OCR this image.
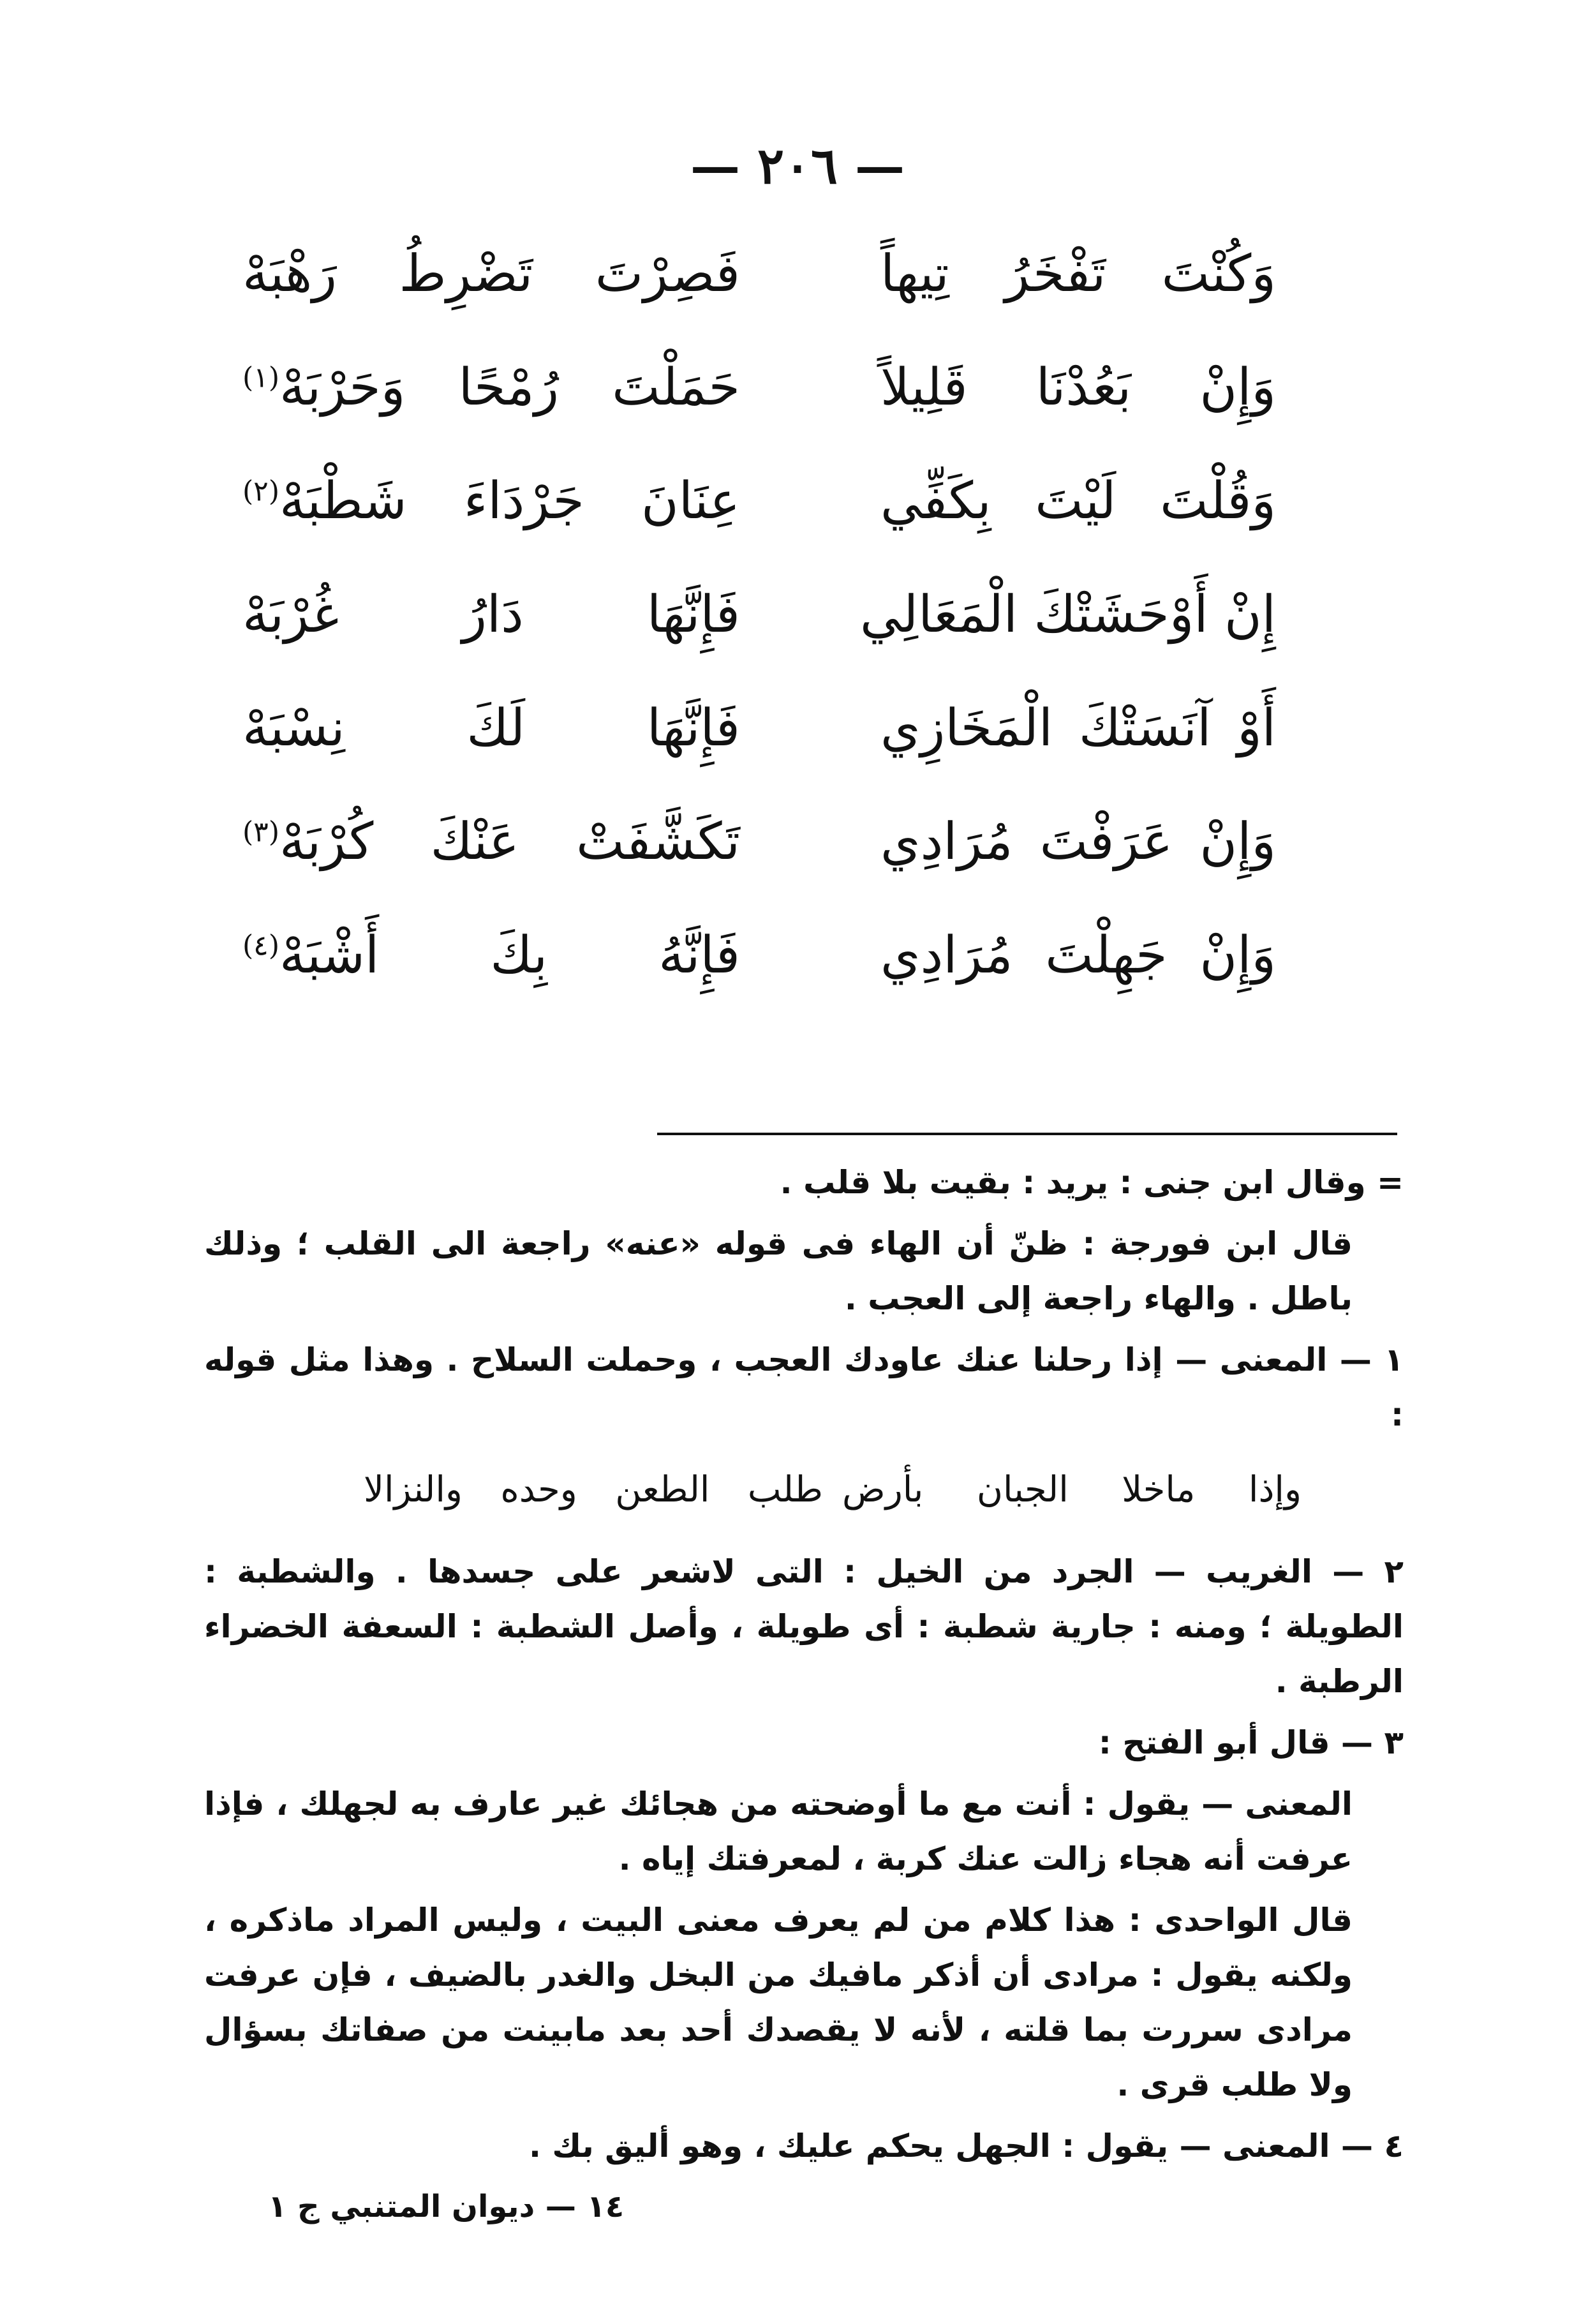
— ٢٠٦ —
وَكُنْتَ تَفْخَرُ تِيهاً
فَصِرْتَ تَضْرِطُ رَهْبَهْ
وَإِنْ بَعُدْنَا قَلِيلاً
حَمَلْتَ رُمْحًا وَحَرْبَهْ$^{(١)}$
وَقُلْتَ لَيْتَ بِكَفِّي
عِنَانَ جَرْدَاءَ شَطْبَهْ$^{(٢)}$
إِنْ أَوْحَشَتْكَ الْمَعَالِي
فَإِنَّهَا دَارُ غُرْبَهْ
أَوْ آنَسَتْكَ الْمَخَازِي
فَإِنَّهَا لَكَ نِسْبَهْ
وَإِنْ عَرَفْتَ مُرَادِي
تَكَشَّفَتْ عَنْكَ كُرْبَهْ$^{(٣)}$
وَإِنْ جَهِلْتَ مُرَادِي
فَإِنَّهُ بِكَ أَشْبَهْ$^{(٤)}$

= وقال ابن جنى : يريد : بقيت بلا قلب .

قال ابن فورجة : ظنّ أن الهاء فى قوله «عنه» راجعة الى القلب ؛ وذلك باطل . والهاء راجعة إلى العجب .

١ — المعنى — إذا رحلنا عنك عاودك العجب ، وحملت السلاح . وهذا مثل قوله :

وإذا ماخلا الجبان بأرض
طلب الطعن وحده والنزالا

٢ — الغريب — الجرد من الخيل : التى لاشعر على جسدها . والشطبة : الطويلة ؛ ومنه : جارية شطبة : أى طويلة ، وأصل الشطبة : السعفة الخضراء الرطبة .

٣ — قال أبو الفتح :

المعنى — يقول : أنت مع ما أوضحته من هجائك غير عارف به لجهلك ، فإذا عرفت أنه هجاء زالت عنك كربة ، لمعرفتك إياه .

قال الواحدى : هذا كلام من لم يعرف معنى البيت ، وليس المراد ماذكره ، ولكنه يقول : مرادى أن أذكر مافيك من البخل والغدر بالضيف ، فإن عرفت مرادى سررت بما قلته ، لأنه لا يقصدك أحد بعد مابينت من صفاتك بسؤال ولا طلب قرى .

٤ — المعنى — يقول : الجهل يحكم عليك ، وهو أليق بك .

١٤ — ديوان المتنبي ج ١
